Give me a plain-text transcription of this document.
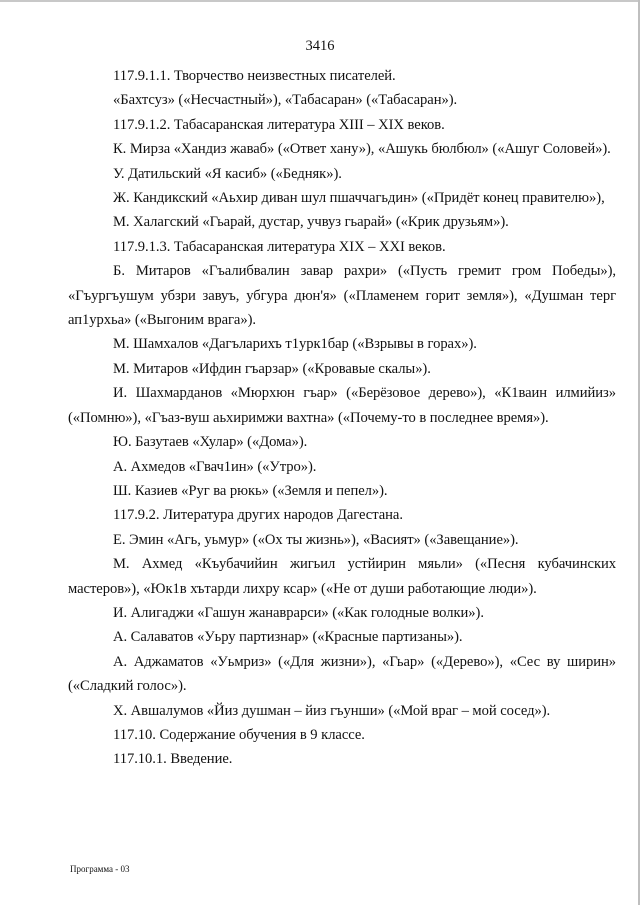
3416

117.9.1.1. Творчество неизвестных писателей.

«Бахтсуз» («Несчастный»), «Табасаран» («Табасаран»).

117.9.1.2. Табасаранская литература XIII – XIX веков.

К. Мирза «Хандиз жаваб» («Ответ хану»), «Ашукь бюлбюл» («Ашуг Соловей»).

У. Датильский «Я касиб» («Бедняк»).

Ж. Кандикский «Аьхир диван шул пшаччагьдин» («Придёт конец правителю»),

М. Халагский «Гьарай, дустар, учвуз гьарай» («Крик друзьям»).

117.9.1.3. Табасаранская литература XIX – XXI веков.

Б. Митаров «Гъалибвалин завар рахри» («Пусть гремит гром Победы»), «Гъургъушум убзри завуъ, убгура дюн'я» («Пламенем горит земля»), «Душман терг ап1урхьа» («Выгоним врага»).

М. Шамхалов «Дагъларихъ т1урк1бар («Взрывы в горах»).

М. Митаров «Ифдин гъарзар» («Кровавые скалы»).

И. Шахмарданов «Мюрхюн гъар» («Берёзовое дерево»), «К1ваин илмийиз» («Помню»), «Гъаз-вуш аьхиримжи вахтна» («Почему-то в последнее время»).

Ю. Базутаев «Хулар» («Дома»).

А. Ахмедов «Гвач1ин» («Утро»).

Ш. Казиев «Руг ва рюкь» («Земля и пепел»).

117.9.2. Литература других народов Дагестана.

Е. Эмин «Агь, уьмур» («Ох ты жизнь»), «Васият» («Завещание»).

М. Ахмед «Къубачийин жигьил устйирин мяьли» («Песня кубачинских мастеров»), «Юк1в хътарди лихру ксар» («Не от души работающие люди»).

И. Алигаджи «Гашун жанаврарси» («Как голодные волки»).

А. Салаватов «Уьру партизнар» («Красные партизаны»).

А. Аджаматов «Уьмриз» («Для жизни»), «Гьар» («Дерево»), «Сес ву ширин» («Сладкий голос»).

Х. Авшалумов «Йиз душман – йиз гъунши» («Мой враг – мой сосед»).

117.10. Содержание обучения в 9 классе.

117.10.1. Введение.

Программа - 03
